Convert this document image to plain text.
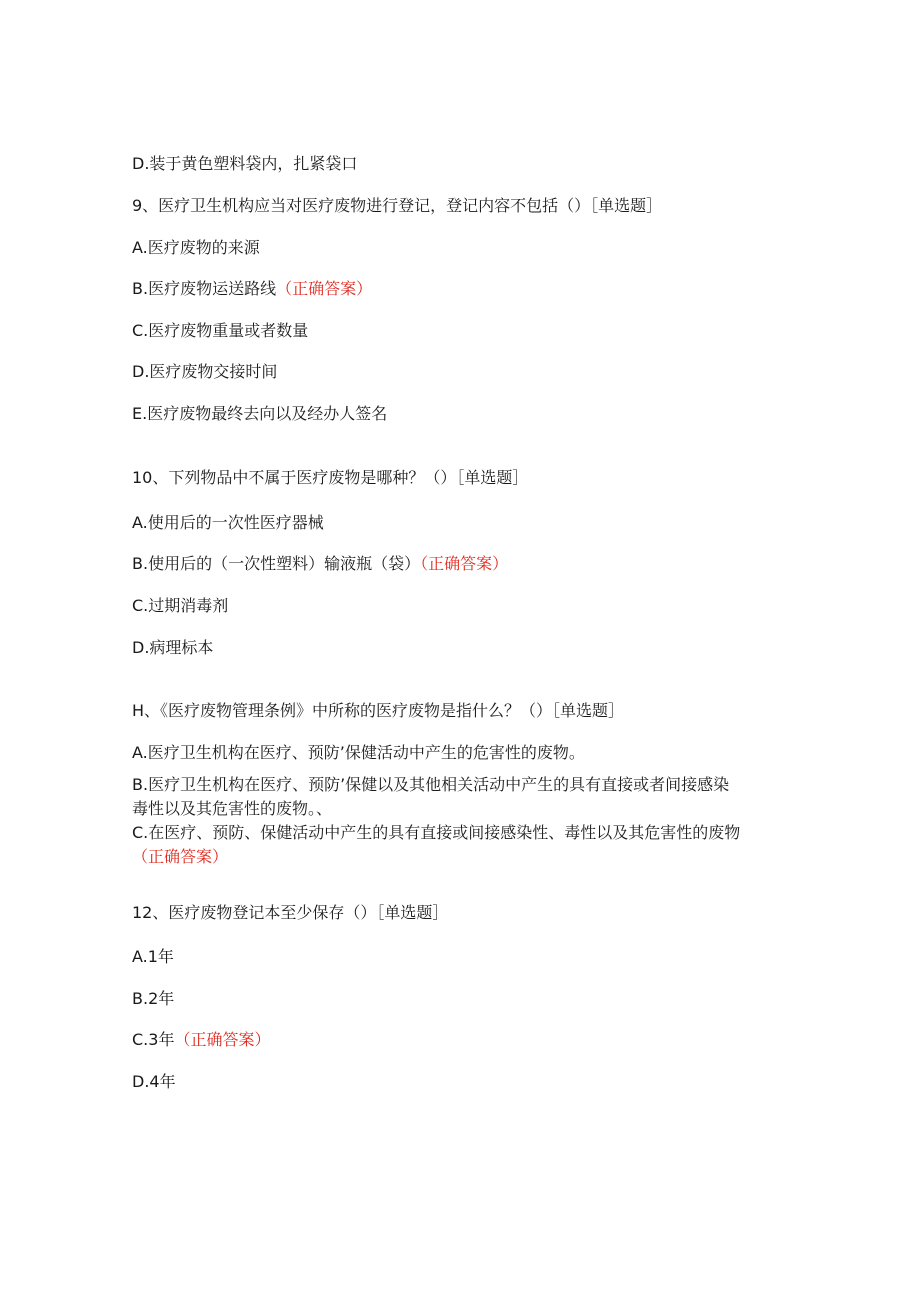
D.装于黄色塑料袋内，扎紧袋口
9、医疗卫生机构应当对医疗废物进行登记，登记内容不包括（）［单选题］
A.医疗废物的来源
B.医疗废物运送路线（正确答案）
C.医疗废物重量或者数量
D.医疗废物交接时间
E.医疗废物最终去向以及经办人签名
10、下列物品中不属于医疗废物是哪种？（）［单选题］
A.使用后的一次性医疗器械
B.使用后的（一次性塑料）输液瓶（袋）（正确答案）
C.过期消毒剂
D.病理标本
H、《医疗废物管理条例》中所称的医疗废物是指什么？（）［单选题］
A.医疗卫生机构在医疗、预防’保健活动中产生的危害性的废物。
B.医疗卫生机构在医疗、预防’保健以及其他相关活动中产生的具有直接或者间接感染
毒性以及其危害性的废物。、
C.在医疗、预防、保健活动中产生的具有直接或间接感染性、毒性以及其危害性的废物
（正确答案）
12、医疗废物登记本至少保存（）［单选题］
A.1年
B.2年
C.3年（正确答案）
D.4年
